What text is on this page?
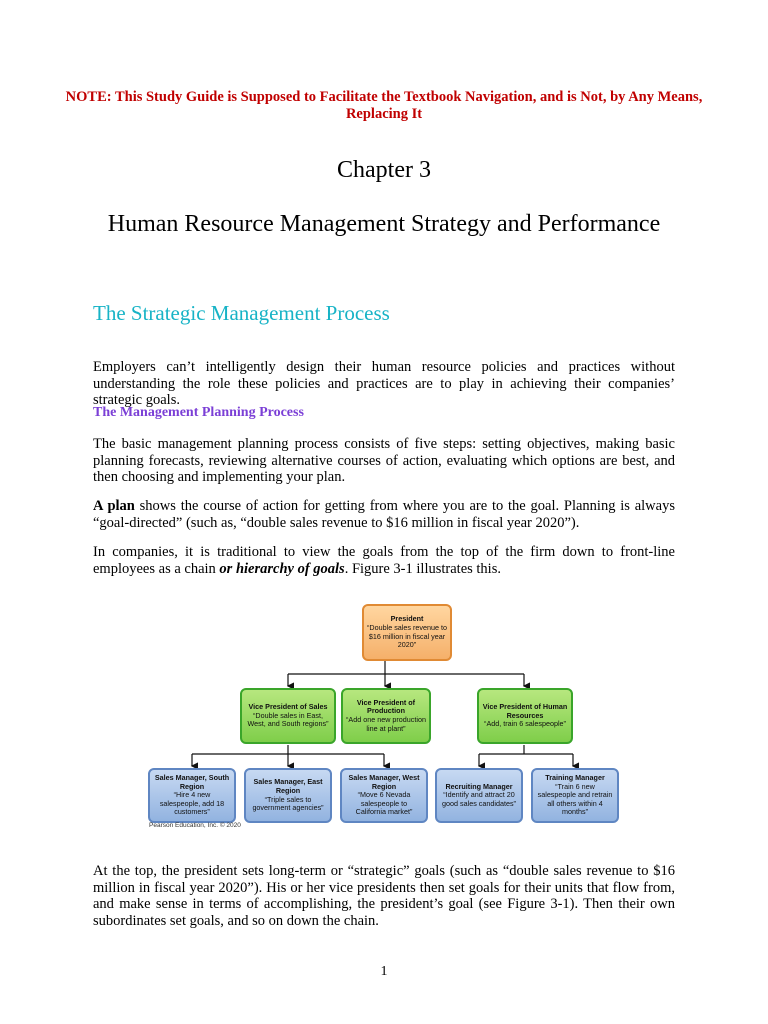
NOTE: This Study Guide is Supposed to Facilitate the Textbook Navigation, and is Not, by Any Means, Replacing It
Chapter 3
Human Resource Management Strategy and Performance
The Strategic Management Process
Employers can’t intelligently design their human resource policies and practices without understanding the role these policies and practices are to play in achieving their companies’ strategic goals.
The Management Planning Process
The basic management planning process consists of five steps: setting objectives, making basic planning forecasts, reviewing alternative courses of action, evaluating which options are best, and then choosing and implementing your plan.
A plan shows the course of action for getting from where you are to the goal. Planning is always “goal-directed” (such as, “double sales revenue to $16 million in fiscal year 2020”).
In companies, it is traditional to view the goals from the top of the firm down to front-line employees as a chain or hierarchy of goals. Figure 3-1 illustrates this.
President
“Double sales revenue to $16 million in fiscal year 2020”
Vice President of Sales
“Double sales in East, West, and South regions”
Vice President of Production
“Add one new production line at plant”
Vice President of Human Resources
“Add, train 6 salespeople”
Sales Manager, South Region
“Hire 4 new salespeople, add 18 customers”
Sales Manager, East Region
“Triple sales to government agencies”
Sales Manager, West Region
“Move 6 Nevada salespeople to California market”
Recruiting Manager
“Identify and attract 20 good sales candidates”
Training Manager
“Train 6 new salespeople and retrain all others within 4 months”
Pearson Education, Inc. © 2020
At the top, the president sets long-term or “strategic” goals (such as “double sales revenue to $16 million in fiscal year 2020”). His or her vice presidents then set goals for their units that flow from, and make sense in terms of accomplishing, the president’s goal (see Figure 3-1). Then their own subordinates set goals, and so on down the chain.
1
